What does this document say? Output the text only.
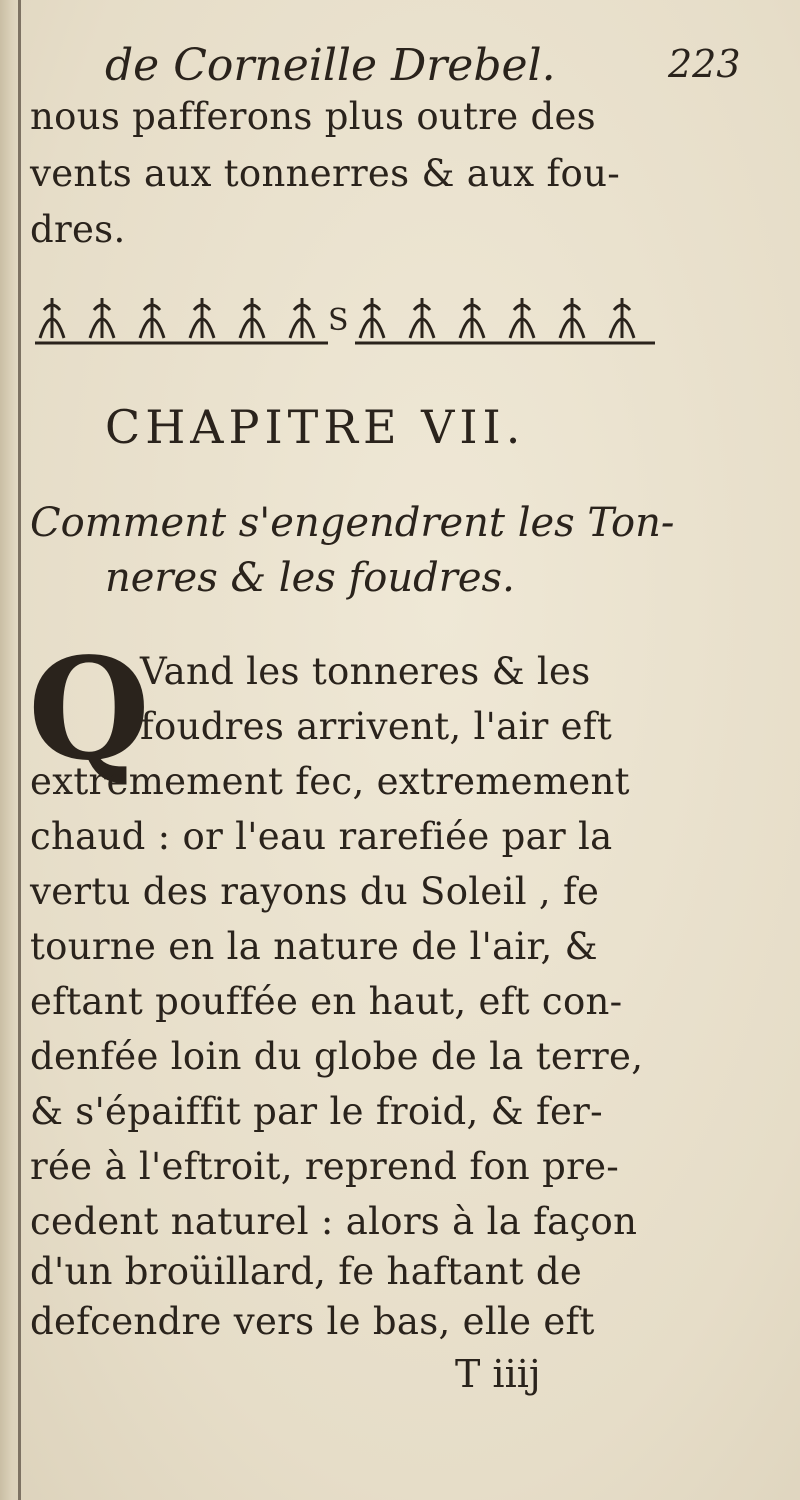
de Corneille Drebel.	223
nous pafferons plus outre des
vents aux tonnerres & aux fou-
dres.
S
CHAPITRE VII.
Comment s'engendrent les Ton-
neres & les foudres.
Q
Vand les tonneres & les
foudres arrivent, l'air eft
extremement fec, extremement
chaud : or l'eau rarefiée par la
vertu des rayons du Soleil , fe
tourne en la nature de l'air, &
eftant pouffée en haut, eft con-
denfée loin du globe de la terre,
& s'épaiffit par le froid, & fer-
rée à l'eftroit, reprend fon pre-
cedent naturel : alors à la façon
d'un broüillard, fe haftant de
defcendre vers le bas, elle eft
T iiij
